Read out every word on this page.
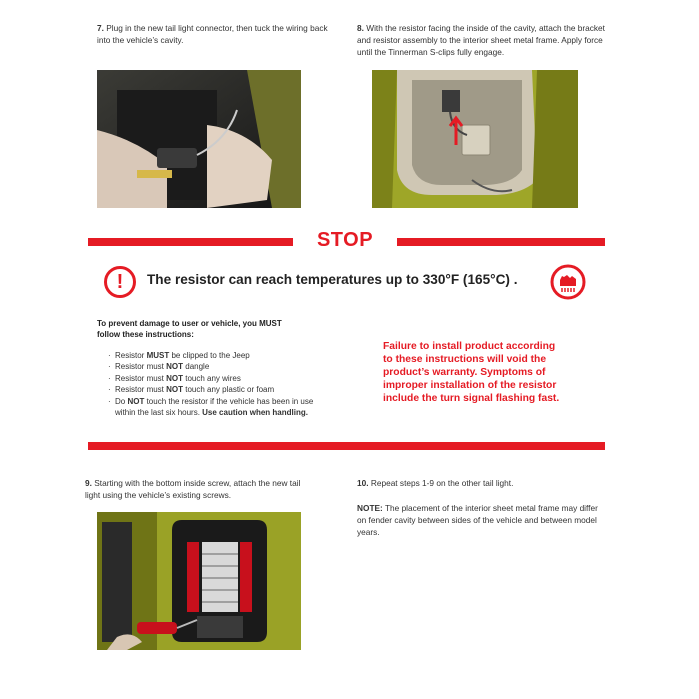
7. Plug in the new tail light connector, then tuck the wiring back into the vehicle’s cavity.
8. With the resistor facing the inside of the cavity, attach the bracket and resistor assembly to the interior sheet metal frame. Apply force until the Tinnerman S-clips fully engage.
STOP
!	The resistor can reach temperatures up to 330°F (165°C) .
To prevent damage to user or vehicle, you MUST
follow these instructions:
· Resistor MUST be clipped to the Jeep
· Resistor must NOT dangle
· Resistor must NOT touch any wires
· Resistor must NOT touch any plastic or foam
· Do NOT touch the resistor if the vehicle has been in use
within the last six hours. Use caution when handling.
Failure to install product according
to these instructions will void the
product’s warranty. Symptoms of
improper installation of the resistor
include the turn signal flashing fast.
9. Starting with the bottom inside screw, attach the new tail light using the vehicle’s existing screws.
10. Repeat steps 1-9 on the other tail light.
NOTE: The placement of the interior sheet metal frame may differ on fender cavity between sides of the vehicle and between model years.
